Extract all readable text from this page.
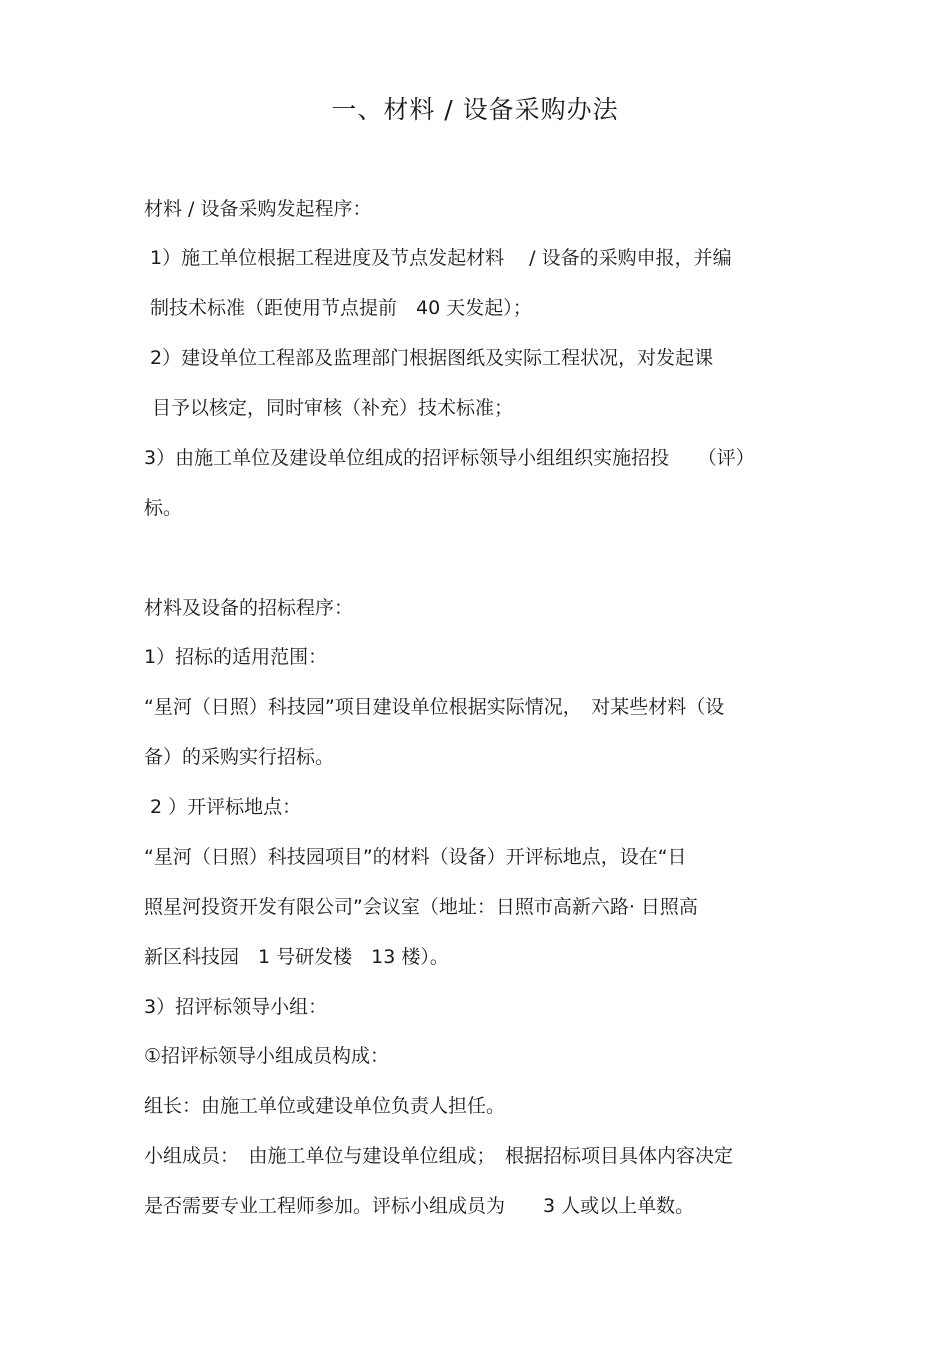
一、材料 / 设备采购办法
材料 / 设备采购发起程序：
1）施工单位根据工程进度及节点发起材料　 / 设备的采购申报，并编
制技术标准（距使用节点提前　40 天发起）；
2）建设单位工程部及监理部门根据图纸及实际工程状况，对发起课
目予以核定，同时审核（补充）技术标准；
3）由施工单位及建设单位组成的招评标领导小组组织实施招投　　（评）
标。
材料及设备的招标程序：
1）招标的适用范围：
“星河（日照）科技园”项目建设单位根据实际情况，　对某些材料（设
备）的采购实行招标。
2 ）开评标地点：
“星河（日照）科技园项目”的材料（设备）开评标地点，设在“日
照星河投资开发有限公司”会议室（地址：日照市高新六路· 日照高
新区科技园　1 号研发楼　13 楼）。
3）招评标领导小组：
①招评标领导小组成员构成：
组长：由施工单位或建设单位负责人担任。
小组成员：　由施工单位与建设单位组成；　根据招标项目具体内容决定
是否需要专业工程师参加。评标小组成员为　　3 人或以上单数。
